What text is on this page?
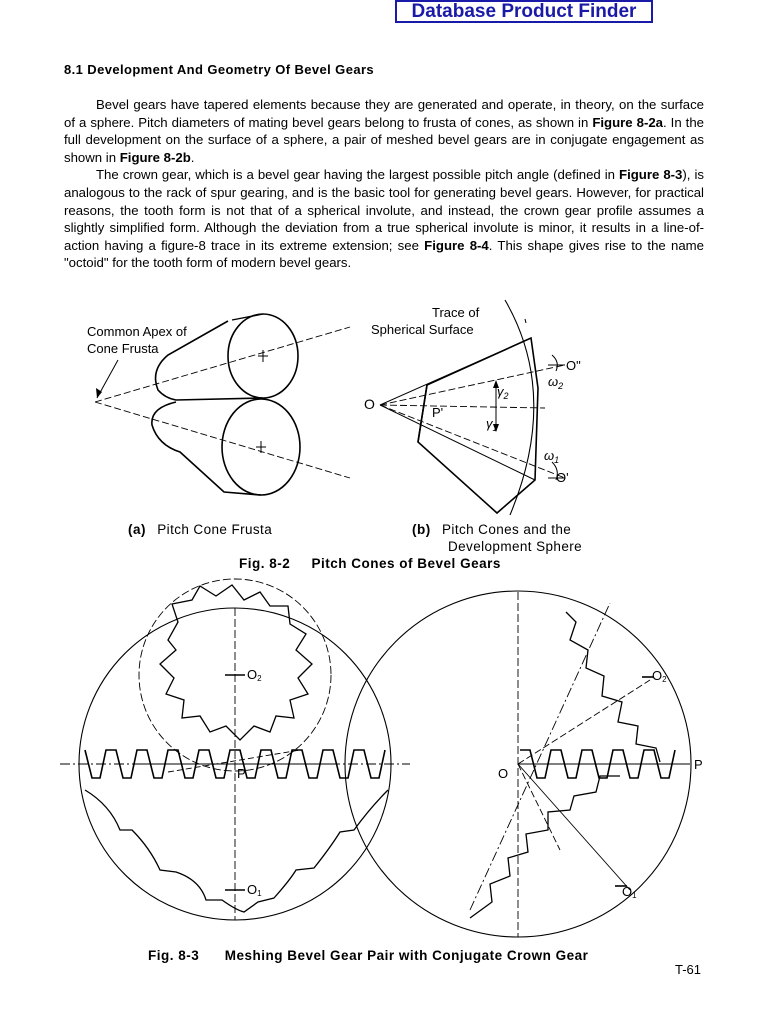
Database Product Finder
8.1 Development And Geometry Of Bevel Gears

Bevel gears have tapered elements because they are generated and operate, in theory, on the surface of a sphere. Pitch diameters of mating bevel gears belong to frusta of cones, as shown in Figure 8-2a. In the full development on the surface of a sphere, a pair of meshed bevel gears are in conjugate engagement as shown in Figure 8-2b.

The crown gear, which is a bevel gear having the largest possible pitch angle (defined in Figure 8-3), is analogous to the rack of spur gearing, and is the basic tool for generating bevel gears. However, for practical reasons, the tooth form is not that of a spherical involute, and instead, the crown gear profile assumes a slightly simplified form. Although the deviation from a true spherical involute is minor, it results in a line-of-action having a figure-8 trace in its extreme extension; see Figure 8-4. This shape gives rise to the name "octoid" for the tooth form of modern bevel gears.

Common Apex of
Cone Frusta
Trace of
Spherical Surface
O
P'
O"
O'
$\omega_2$
$\omega_1$
$\gamma_2$
$\gamma_1$
O2
P
O1
O2
O
P
O1
(a) Pitch Cone Frusta	(b) Pitch Cones and the
Development Sphere
Fig. 8-2 Pitch Cones of Bevel Gears
Fig. 8-3 Meshing Bevel Gear Pair with Conjugate Crown Gear
T-61
